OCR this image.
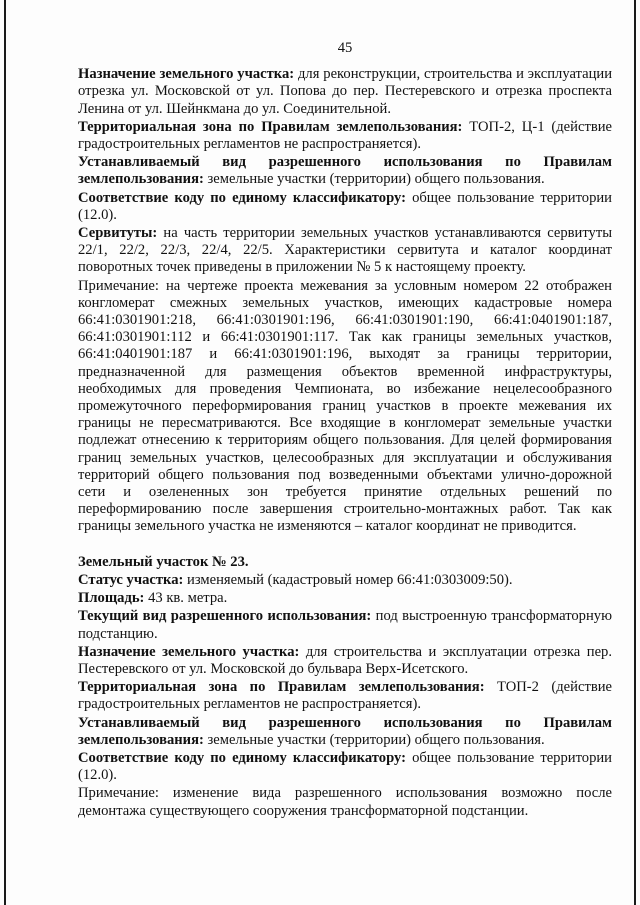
45

Назначение земельного участка: для реконструкции, строительства и эксплуатации отрезка ул. Московской от ул. Попова до пер. Пестеревского и отрезка проспекта Ленина от ул. Шейнкмана до ул. Соединительной.

Территориальная зона по Правилам землепользования: ТОП-2, Ц-1 (действие градостроительных регламентов не распространяется).

Устанавливаемый вид разрешенного использования по Правилам землепользования: земельные участки (территории) общего пользования.

Соответствие коду по единому классификатору: общее пользование территории (12.0).

Сервитуты: на часть территории земельных участков устанавливаются сервитуты 22/1, 22/2, 22/3, 22/4, 22/5. Характеристики сервитута и каталог координат поворотных точек приведены в приложении № 5 к настоящему проекту.

Примечание: на чертеже проекта межевания за условным номером 22 отображен конгломерат смежных земельных участков, имеющих кадастровые номера 66:41:0301901:218, 66:41:0301901:196, 66:41:0301901:190, 66:41:0401901:187, 66:41:0301901:112 и 66:41:0301901:117. Так как границы земельных участков, 66:41:0401901:187 и 66:41:0301901:196, выходят за границы территории, предназначенной для размещения объектов временной инфраструктуры, необходимых для проведения Чемпионата, во избежание нецелесообразного промежуточного переформирования границ участков в проекте межевания их границы не пересматриваются. Все входящие в конгломерат земельные участки подлежат отнесению к территориям общего пользования. Для целей формирования границ земельных участков, целесообразных для эксплуатации и обслуживания территорий общего пользования под возведенными объектами улично-дорожной сети и озелененных зон требуется принятие отдельных решений по переформированию после завершения строительно-монтажных работ. Так как границы земельного участка не изменяются – каталог координат не приводится.

Земельный участок № 23.

Статус участка: изменяемый (кадастровый номер 66:41:0303009:50).

Площадь: 43 кв. метра.

Текущий вид разрешенного использования: под выстроенную трансформаторную подстанцию.

Назначение земельного участка: для строительства и эксплуатации отрезка пер. Пестеревского от ул. Московской до бульвара Верх-Исетского.

Территориальная зона по Правилам землепользования: ТОП-2 (действие градостроительных регламентов не распространяется).

Устанавливаемый вид разрешенного использования по Правилам землепользования: земельные участки (территории) общего пользования.

Соответствие коду по единому классификатору: общее пользование территории (12.0).

Примечание: изменение вида разрешенного использования возможно после демонтажа существующего сооружения трансформаторной подстанции.
